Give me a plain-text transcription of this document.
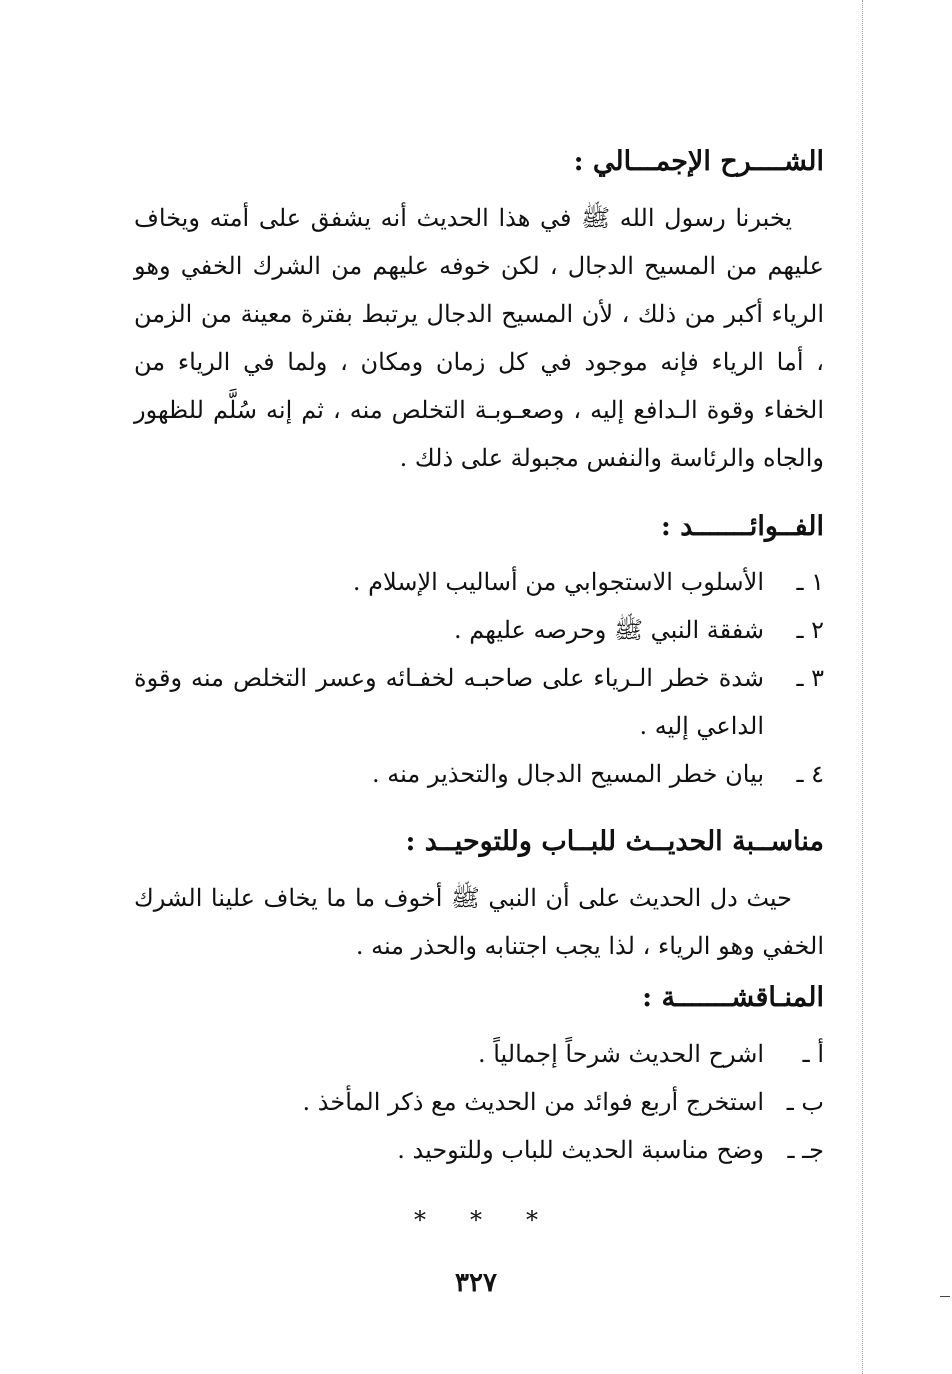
الشــــرح الإجمـــالي :
يخبرنا رسول الله ﷺ في هذا الحديث أنه يشفق على أمته ويخاف عليهم من المسيح الدجال ، لكن خوفه عليهم من الشرك الخفي وهو الرياء أكبر من ذلك ، لأن المسيح الدجال يرتبط بفترة معينة من الزمن ، أما الرياء فإنه موجود في كل زمان ومكان ، ولما في الرياء من الخفاء وقوة الـدافع إليه ، وصعـوبـة التخلص منه ، ثم إنه سُلَّم للظهور والجاه والرئاسة والنفس مجبولة على ذلك .
الفــوائـــــــد :
١ ـ
الأسلوب الاستجوابي من أساليب الإسلام .
٢ ـ
شفقة النبي ﷺ وحرصه عليهم .
٣ ـ
شدة خطر الـرياء على صاحبـه لخفـائه وعسر التخلص منه وقوة الداعي إليه .
٤ ـ
بيان خطر المسيح الدجال والتحذير منه .
مناســبة الحديــث للبــاب وللتوحيــد :
حيث دل الحديث على أن النبي ﷺ أخوف ما ما يخاف علينا الشرك الخفي وهو الرياء ، لذا يجب اجتنابه والحذر منه .
المنـاقشـــــــة :
أ ـ
اشرح الحديث شرحاً إجمالياً .
ب ـ
استخرج أربع فوائد من الحديث مع ذكر المأخذ .
جـ ـ
وضح مناسبة الحديث للباب وللتوحيد .
* * *
٣٢٧
